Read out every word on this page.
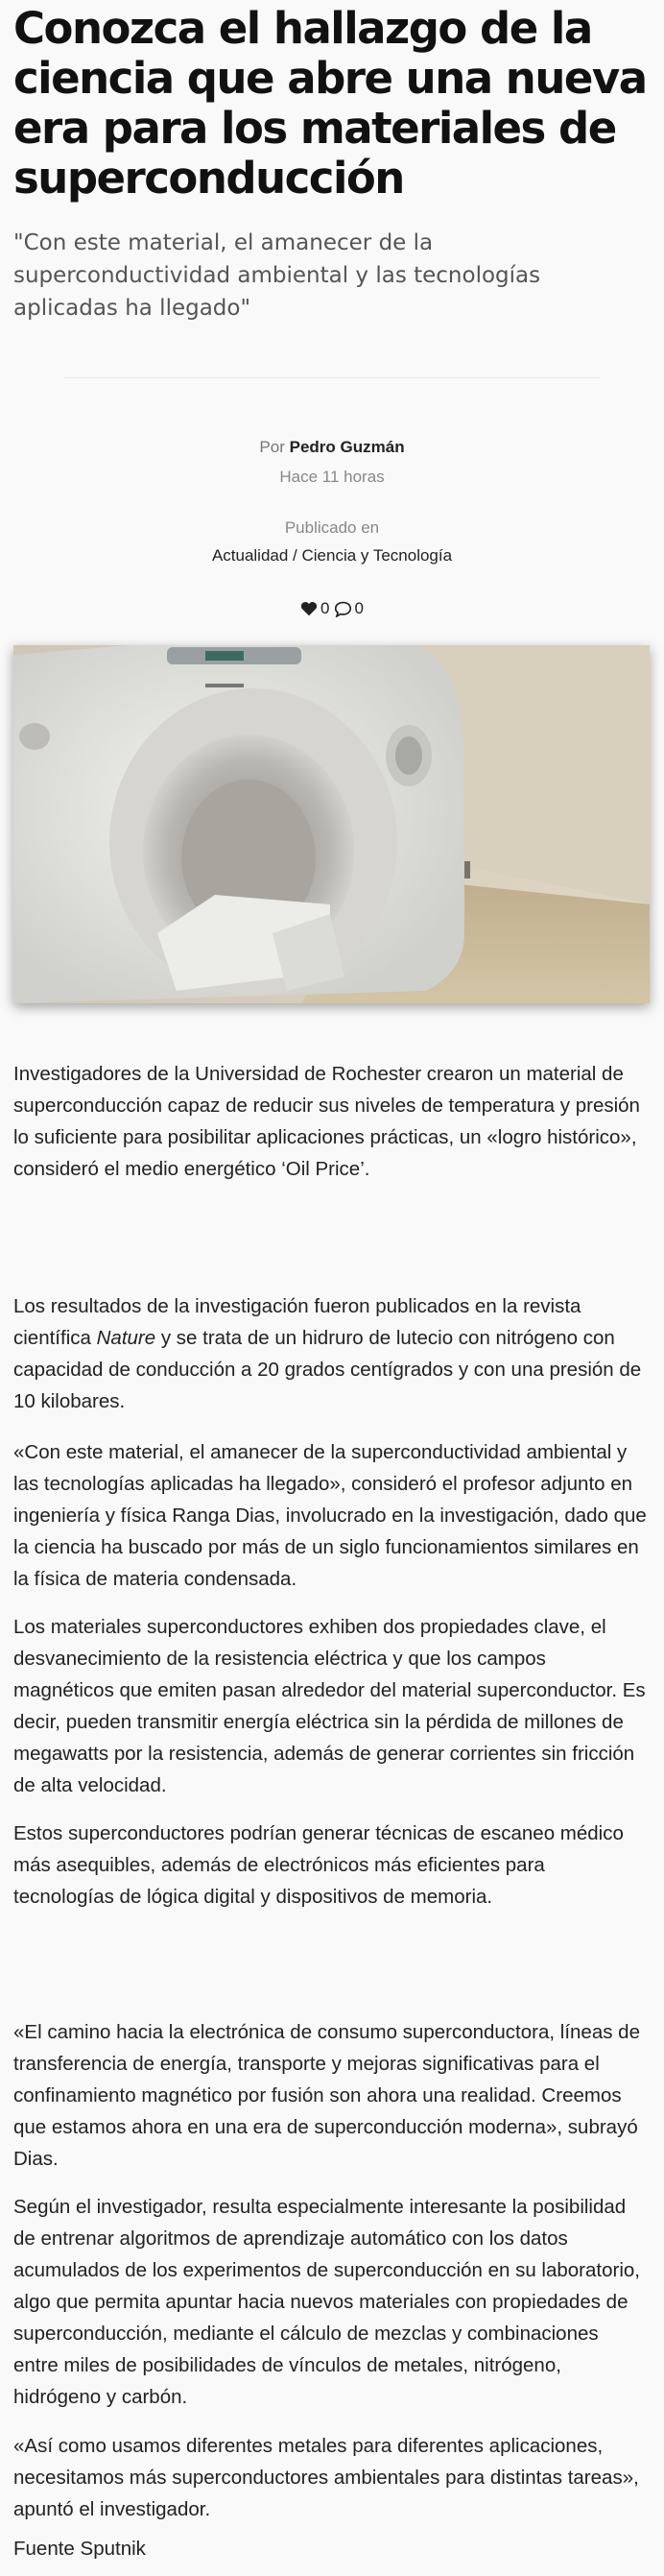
Conozca el hallazgo de la ciencia que abre una nueva era para los materiales de superconducción

"Con este material, el amanecer de la superconductividad ambiental y las tecnologías aplicadas ha llegado"

Por Pedro Guzmán
Hace 11 horas
Publicado en
Actualidad / Ciencia y Tecnología
0 0

Investigadores de la Universidad de Rochester crearon un material de superconducción capaz de reducir sus niveles de temperatura y presión lo suficiente para posibilitar aplicaciones prácticas, un «logro histórico», consideró el medio energético ‘Oil Price’.

Los resultados de la investigación fueron publicados en la revista científica Nature y se trata de un hidruro de lutecio con nitrógeno con capacidad de conducción a 20 grados centígrados y con una presión de 10 kilobares.

«Con este material, el amanecer de la superconductividad ambiental y las tecnologías aplicadas ha llegado», consideró el profesor adjunto en ingeniería y física Ranga Dias, involucrado en la investigación, dado que la ciencia ha buscado por más de un siglo funcionamientos similares en la física de materia condensada.

Los materiales superconductores exhiben dos propiedades clave, el desvanecimiento de la resistencia eléctrica y que los campos magnéticos que emiten pasan alrededor del material superconductor. Es decir, pueden transmitir energía eléctrica sin la pérdida de millones de megawatts por la resistencia, además de generar corrientes sin fricción de alta velocidad.

Estos superconductores podrían generar técnicas de escaneo médico más asequibles, además de electrónicos más eficientes para tecnologías de lógica digital y dispositivos de memoria.

«El camino hacia la electrónica de consumo superconductora, líneas de transferencia de energía, transporte y mejoras significativas para el confinamiento magnético por fusión son ahora una realidad. Creemos que estamos ahora en una era de superconducción moderna», subrayó Dias.

Según el investigador, resulta especialmente interesante la posibilidad de entrenar algoritmos de aprendizaje automático con los datos acumulados de los experimentos de superconducción en su laboratorio, algo que permita apuntar hacia nuevos materiales con propiedades de superconducción, mediante el cálculo de mezclas y combinaciones entre miles de posibilidades de vínculos de metales, nitrógeno, hidrógeno y carbón.

«Así como usamos diferentes metales para diferentes aplicaciones, necesitamos más superconductores ambientales para distintas tareas», apuntó el investigador.

Fuente Sputnik
